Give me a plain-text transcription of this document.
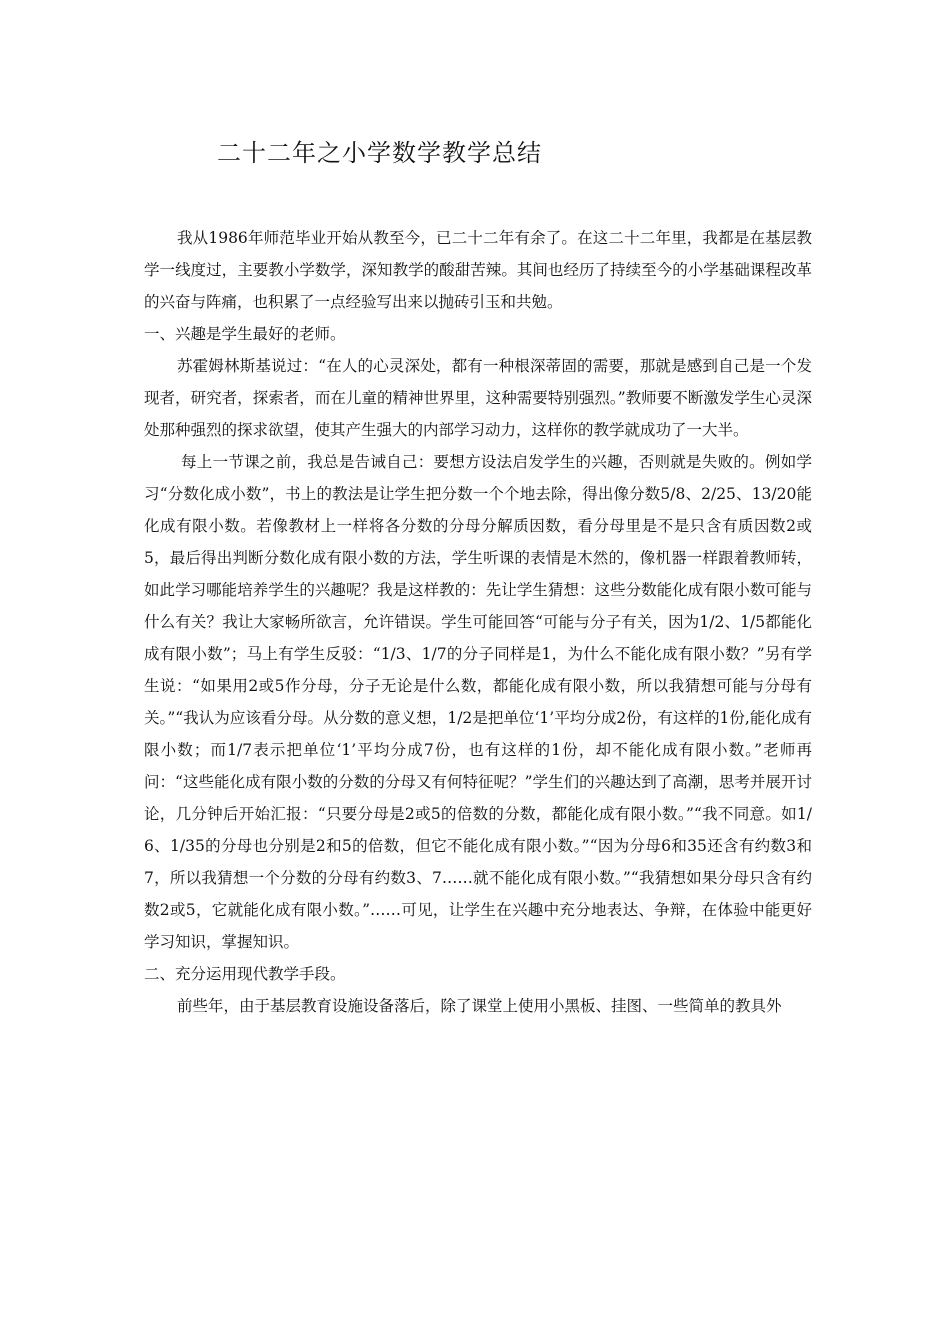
二十二年之小学数学教学总结

我从1986年师范毕业开始从教至今，已二十二年有余了。在这二十二年里，我都是在基层教学一线度过，主要教小学数学，深知教学的酸甜苦辣。其间也经历了持续至今的小学基础课程改革的兴奋与阵痛，也积累了一点经验写出来以抛砖引玉和共勉。

一、兴趣是学生最好的老师。

苏霍姆林斯基说过：“在人的心灵深处，都有一种根深蒂固的需要，那就是感到自己是一个发现者，研究者，探索者，而在儿童的精神世界里，这种需要特别强烈。”教师要不断激发学生心灵深处那种强烈的探求欲望，使其产生强大的内部学习动力，这样你的教学就成功了一大半。

每上一节课之前，我总是告诫自己：要想方设法启发学生的兴趣，否则就是失败的。例如学习“分数化成小数”，书上的教法是让学生把分数一个个地去除，得出像分数5/8、2/25、13/20能化成有限小数。若像教材上一样将各分数的分母分解质因数，看分母里是不是只含有质因数2或5，最后得出判断分数化成有限小数的方法，学生听课的表情是木然的，像机器一样跟着教师转，如此学习哪能培养学生的兴趣呢？我是这样教的：先让学生猜想：这些分数能化成有限小数可能与什么有关？我让大家畅所欲言，允许错误。学生可能回答“可能与分子有关，因为1/2、1/5都能化成有限小数”；马上有学生反驳：“1/3、1/7的分子同样是1，为什么不能化成有限小数？”另有学生说：“如果用2或5作分母，分子无论是什么数，都能化成有限小数，所以我猜想可能与分母有关。”“我认为应该看分母。从分数的意义想，1/2是把单位‘1’平均分成2份，有这样的1份,能化成有限小数；而1/7表示把单位‘1’平均分成7份，也有这样的1份，却不能化成有限小数。”老师再问：“这些能化成有限小数的分数的分母又有何特征呢？”学生们的兴趣达到了高潮，思考并展开讨论，几分钟后开始汇报：“只要分母是2或5的倍数的分数，都能化成有限小数。”“我不同意。如1/6、1/35的分母也分别是2和5的倍数，但它不能化成有限小数。”“因为分母6和35还含有约数3和7，所以我猜想一个分数的分母有约数3、7……就不能化成有限小数。”“我猜想如果分母只含有约数2或5，它就能化成有限小数。”……可见，让学生在兴趣中充分地表达、争辩，在体验中能更好学习知识，掌握知识。

二、充分运用现代教学手段。

前些年，由于基层教育设施设备落后，除了课堂上使用小黑板、挂图、一些简单的教具外
